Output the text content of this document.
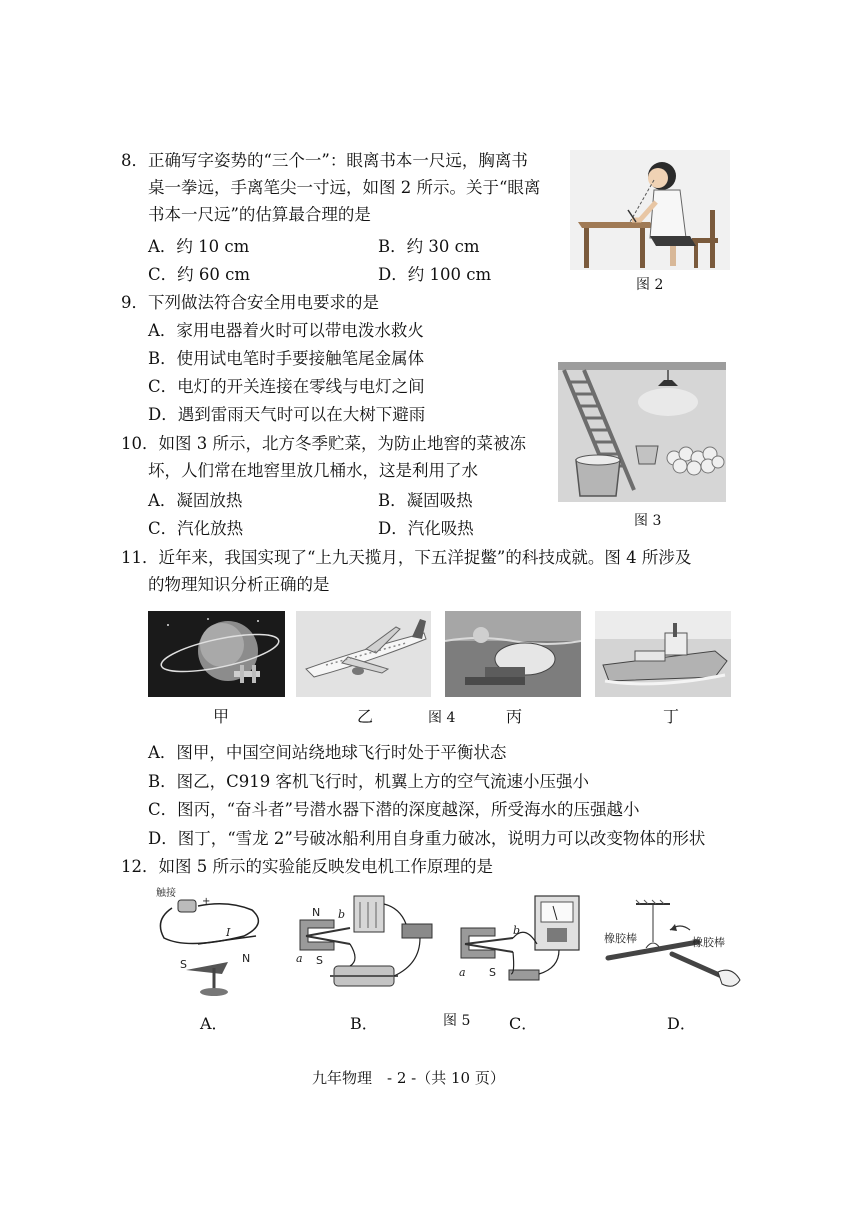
8．正确写字姿势的“三个一”：眼离书本一尺远，胸离书
桌一拳远，手离笔尖一寸远，如图 2 所示。关于“眼离
书本一尺远”的估算最合理的是
A．约 10 cm	B．约 30 cm
C．约 60 cm	D．约 100 cm
图 2
9．下列做法符合安全用电要求的是
A．家用电器着火时可以带电泼水救火
B．使用试电笔时手要接触笔尾金属体
C．电灯的开关连接在零线与电灯之间
D．遇到雷雨天气时可以在大树下避雨
10．如图 3 所示，北方冬季贮菜，为防止地窖的菜被冻
坏，人们常在地窖里放几桶水，这是利用了水
A．凝固放热	B．凝固吸热
C．汽化放热	D．汽化吸热	图 3
11．近年来，我国实现了“上九天揽月，下五洋捉鳖”的科技成就。图 4 所涉及
的物理知识分析正确的是
甲	乙	图 4	丙	丁
A．图甲，中国空间站绕地球飞行时处于平衡状态
B．图乙，C919 客机飞行时，机翼上方的空气流速小压强小
C．图丙，“奋斗者”号潜水器下潜的深度越深，所受海水的压强越小
D．图丁，“雪龙 2”号破冰船利用自身重力破冰，说明力可以改变物体的形状
12．如图 5 所示的实验能反映发电机工作原理的是
触接
+
I
S	N
N
S
a
b
b
a S
橡胶棒	橡胶棒
A．	B．	图 5 C．	D．
九年物理　- 2 -（共 10 页）
